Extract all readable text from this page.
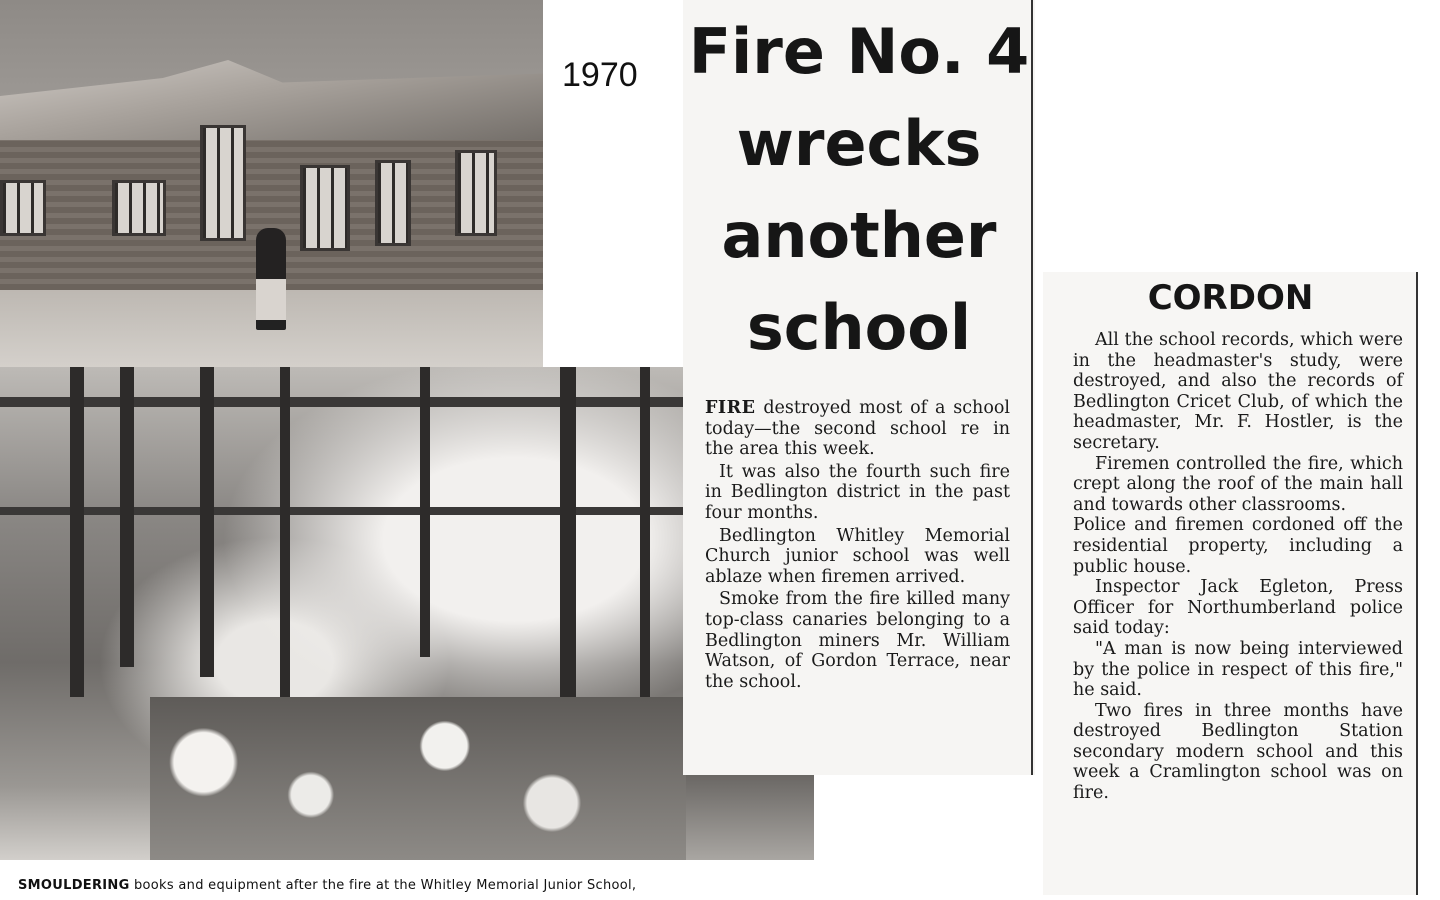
SMOULDERING books and equipment after the fire at the Whitley Memorial Junior School,
1970 Fire No. 4
wrecks
another
school

FIRE destroyed most of a school today—the second school re in the area this week.

It was also the fourth such fire in Bedlington district in the past four months.

Bedlington Whitley Memorial Church junior school was well ablaze when firemen arrived.

Smoke from the fire killed many top-class canaries belonging to a Bedlington miners Mr. William Watson, of Gordon Terrace, near the school.

CORDON

All the school records, which were in the headmaster's study, were destroyed, and also the records of Bedlington Cricet Club, of which the headmaster, Mr. F. Hostler, is the secretary.

Firemen controlled the fire, which crept along the roof of the main hall and towards other classrooms.

Police and firemen cordoned off the residential property, including a public house.

Inspector Jack Egleton, Press Officer for Northumberland police said today:

"A man is now being interviewed by the police in respect of this fire," he said.

Two fires in three months have destroyed Bedlington Station secondary modern school and this week a Cramlington school was on fire.
